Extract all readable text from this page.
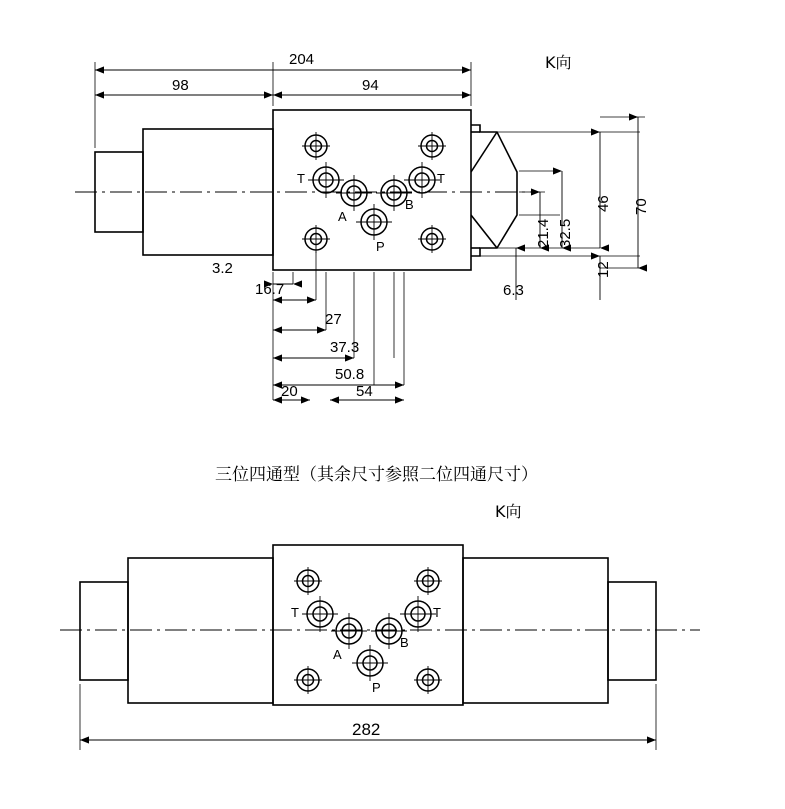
204
98	94
3.2
16.7
27
37.3
50.8
20	54
6.3
21.4 32.5
46
12
70
T	T
A
B
P
K向
K向
三位四通型（其余尺寸参照二位四通尺寸）
T	T
A
B
P
282
